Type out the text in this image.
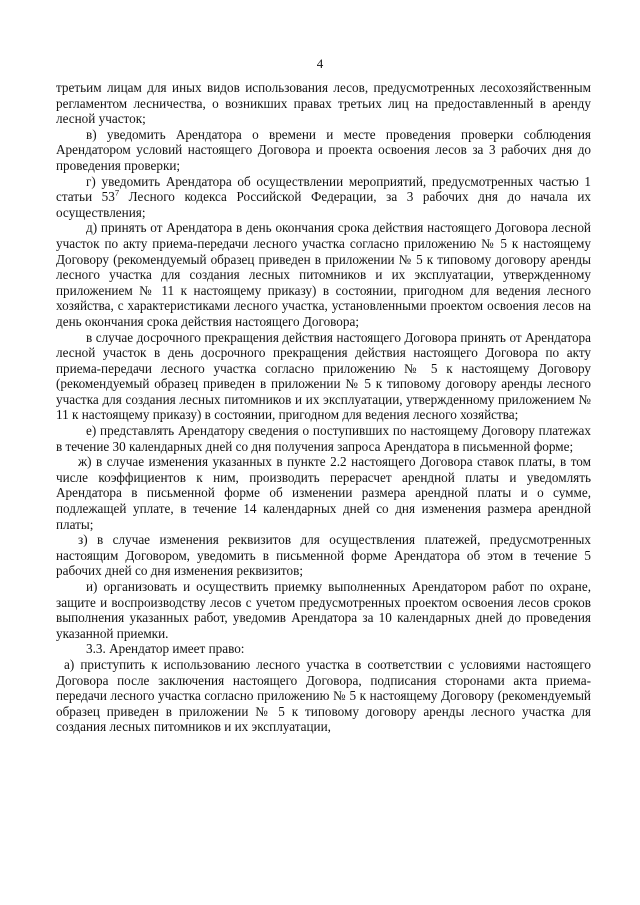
4

третьим лицам для иных видов использования лесов, предусмотренных лесохозяйственным регламентом лесничества, о возникших правах третьих лиц на предоставленный в аренду лесной участок;

в) уведомить Арендатора о времени и месте проведения проверки соблюдения Арендатором условий настоящего Договора и проекта освоения лесов за 3 рабочих дня до проведения проверки;

г) уведомить Арендатора об осуществлении мероприятий, предусмотренных частью 1 статьи $53^7$ Лесного кодекса Российской Федерации, за 3 рабочих дня до начала их осуществления;

д) принять от Арендатора в день окончания срока действия настоящего Договора лесной участок по акту приема-передачи лесного участка согласно приложению № 5 к настоящему Договору (рекомендуемый образец приведен в приложении № 5 к типовому договору аренды лесного участка для создания лесных питомников и их эксплуатации, утвержденному приложением № 11 к настоящему приказу) в состоянии, пригодном для ведения лесного хозяйства, с характеристиками лесного участка, установленными проектом освоения лесов на день окончания срока действия настоящего Договора;

в случае досрочного прекращения действия настоящего Договора принять от Арендатора лесной участок в день досрочного прекращения действия настоящего Договора по акту приема-передачи лесного участка согласно приложению № 5 к настоящему Договору (рекомендуемый образец приведен в приложении № 5 к типовому договору аренды лесного участка для создания лесных питомников и их эксплуатации, утвержденному приложением № 11 к настоящему приказу) в состоянии, пригодном для ведения лесного хозяйства;

е) представлять Арендатору сведения о поступивших по настоящему Договору платежах в течение 30 календарных дней со дня получения запроса Арендатора в письменной форме;

ж) в случае изменения указанных в пункте 2.2 настоящего Договора ставок платы, в том числе коэффициентов к ним, производить перерасчет арендной платы и уведомлять Арендатора в письменной форме об изменении размера арендной платы и о сумме, подлежащей уплате, в течение 14 календарных дней со дня изменения размера арендной платы;

з) в случае изменения реквизитов для осуществления платежей, предусмотренных настоящим Договором, уведомить в письменной форме Арендатора об этом в течение 5 рабочих дней со дня изменения реквизитов;

и) организовать и осуществить приемку выполненных Арендатором работ по охране, защите и воспроизводству лесов с учетом предусмотренных проектом освоения лесов сроков выполнения указанных работ, уведомив Арендатора за 10 календарных дней до проведения указанной приемки.

3.3. Арендатор имеет право:

а) приступить к использованию лесного участка в соответствии с условиями настоящего Договора после заключения настоящего Договора, подписания сторонами акта приема-передачи лесного участка согласно приложению № 5 к настоящему Договору (рекомендуемый образец приведен в приложении № 5 к типовому договору аренды лесного участка для создания лесных питомников и их эксплуатации,
